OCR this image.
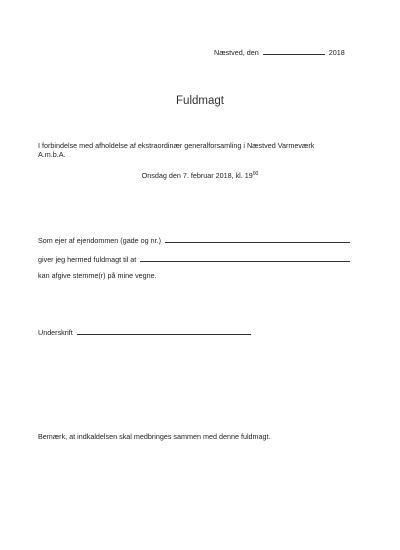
Næstved, den	2018
Fuldmagt
I forbindelse med afholdelse af ekstraordinær generalforsamling i Næstved Varmeværk
A.m.b.A.
Onsdag den 7. februar 2018, kl. $19^{00}$
Som ejer af ejendommen (gade og nr.)
giver jeg hermed fuldmagt til at
kan afgive stemme(r) på mine vegne.
Underskrift
Bemærk, at indkaldelsen skal medbringes sammen med denne fuldmagt.
